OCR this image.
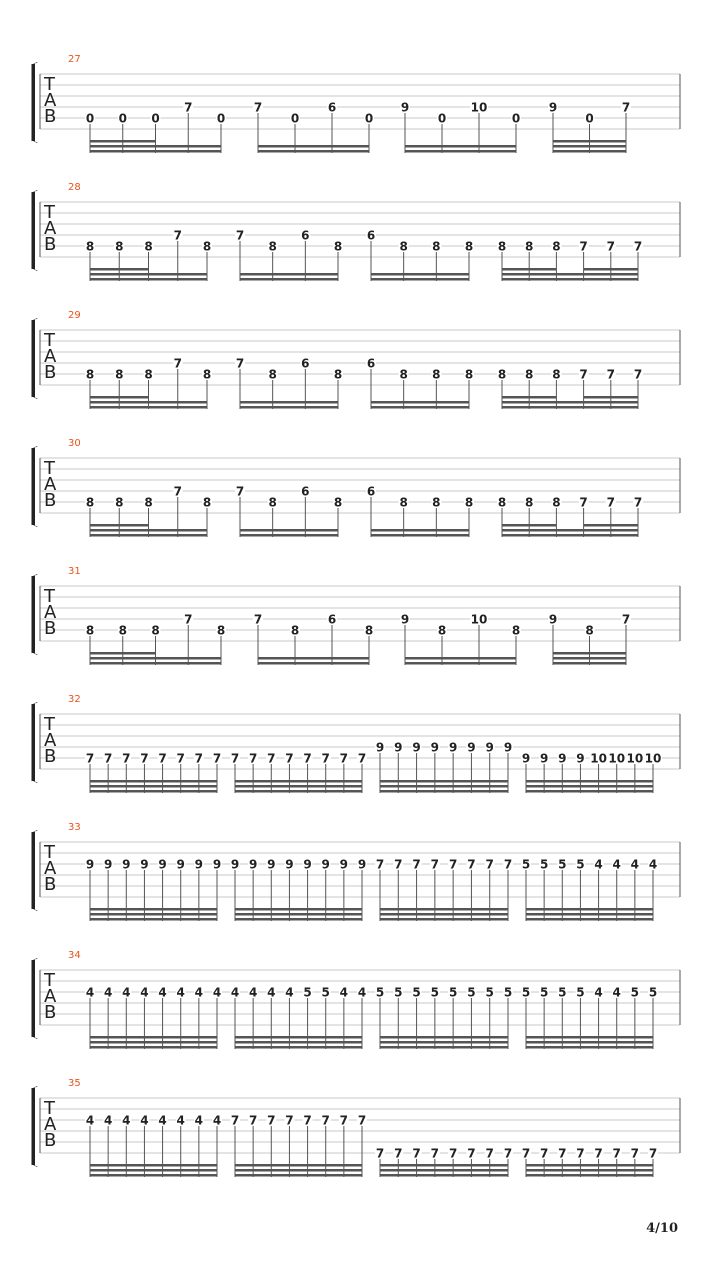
27
T
A
B 0 0 0
7
0
7
0
6
0
9
0
10
0
9
0
7
28
T
A
B 8 8 8
7
8
7
8
6
8
6
8 8 8 8 8 8 7 7 7
29
T
A
B 8 8 8
7
8
7
8
6
8
6
8 8 8 8 8 8 7 7 7
30
T
A
B 8 8 8
7
8
7
8
6
8
6
8 8 8 8 8 8 7 7 7
31
T
A
B 8 8 8
7
8
7
8
6
8
9
8
10
8
9
8
7
32
T
A
B 7 7 7 7 7 7 7 7 7 7 7 7 7 7 7 7
9 9 9 9 9 9 9 9
9 9 9 9 10 10 10 10
33
T
A
B
9 9 9 9 9 9 9 9 9 9 9 9 9 9 9 9 7 7 7 7 7 7 7 7 5 5 5 5 4 4 4 4
34
T
A
B
4 4 4 4 4 4 4 4 4 4 4 4 5 5 4 4 5 5 5 5 5 5 5 5 5 5 5 5 4 4 5 5
35
T
A
B
4 4 4 4 4 4 4 4 7 7 7 7 7 7 7 7
7 7 7 7 7 7 7 7 7 7 7 7 7 7 7 7
4/10
